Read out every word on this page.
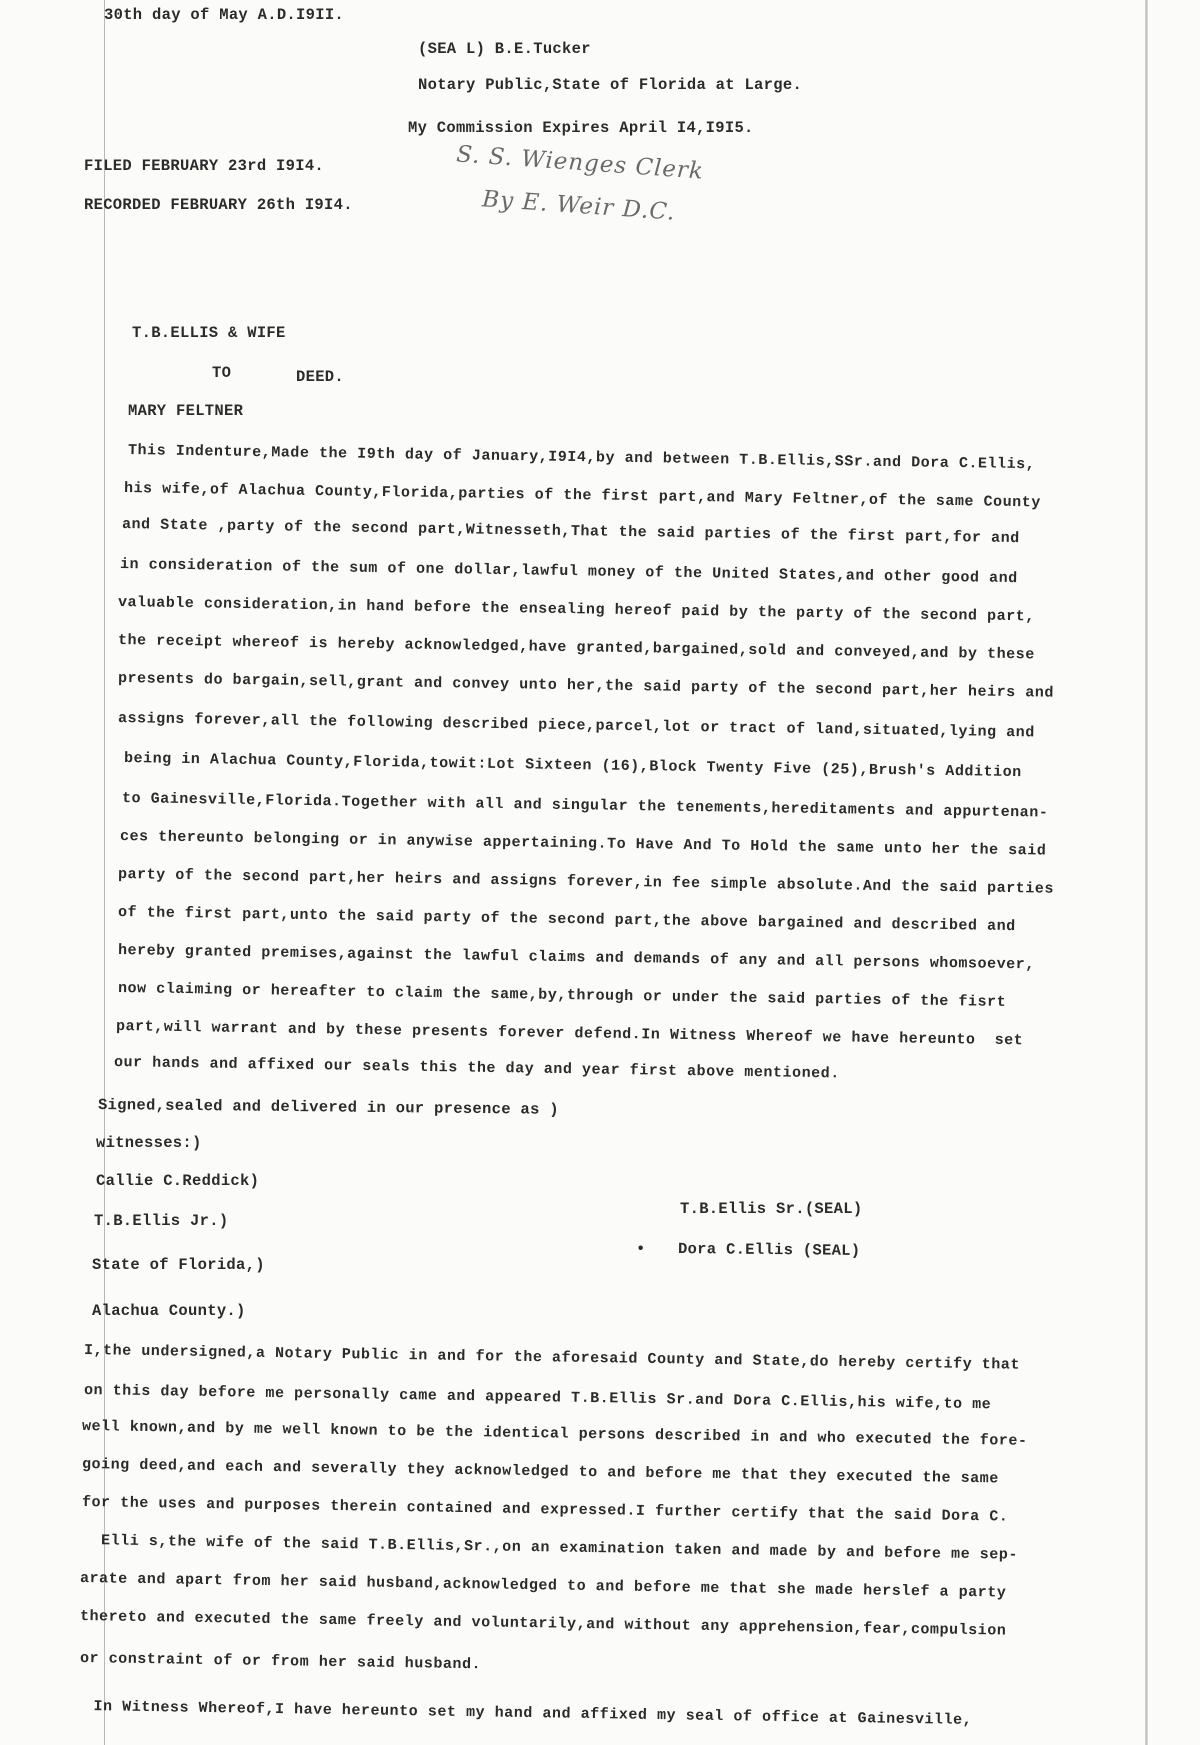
30th day of May A.D.I9II.
(SEA L) B.E.Tucker
Notary Public,State of Florida at Large.
My Commission Expires April I4,I9I5.
FILED FEBRUARY 23rd I9I4.
RECORDED FEBRUARY 26th I9I4.
S. S. Wienges Clerk
By E. Weir D.C.
T.B.ELLIS & WIFE
TO	DEED.
MARY FELTNER
This Indenture,Made the I9th day of January,I9I4,by and between T.B.Ellis,SSr.and Dora C.Ellis,
his wife,of Alachua County,Florida,parties of the first part,and Mary Feltner,of the same County
and State ,party of the second part,Witnesseth,That the said parties of the first part,for and
in consideration of the sum of one dollar,lawful money of the United States,and other good and
valuable consideration,in hand before the ensealing hereof paid by the party of the second part,
the receipt whereof is hereby acknowledged,have granted,bargained,sold and conveyed,and by these
presents do bargain,sell,grant and convey unto her,the said party of the second part,her heirs and
assigns forever,all the following described piece,parcel,lot or tract of land,situated,lying and
being in Alachua County,Florida,towit:Lot Sixteen (16),Block Twenty Five (25),Brush's Addition
to Gainesville,Florida.Together with all and singular the tenements,hereditaments and appurtenan-
ces thereunto belonging or in anywise appertaining.To Have And To Hold the same unto her the said
party of the second part,her heirs and assigns forever,in fee simple absolute.And the said parties
of the first part,unto the said party of the second part,the above bargained and described and
hereby granted premises,against the lawful claims and demands of any and all persons whomsoever,
now claiming or hereafter to claim the same,by,through or under the said parties of the fisrt
part,will warrant and by these presents forever defend.In Witness Whereof we have hereunto  set
our hands and affixed our seals this the day and year first above mentioned.
Signed,sealed and delivered in our presence as )
witnesses:)
Callie C.Reddick)
T.B.Ellis Jr.)
T.B.Ellis Sr.(SEAL)
• Dora C.Ellis (SEAL)
State of Florida,)
Alachua County.)
I,the undersigned,a Notary Public in and for the aforesaid County and State,do hereby certify that
on this day before me personally came and appeared T.B.Ellis Sr.and Dora C.Ellis,his wife,to me
well known,and by me well known to be the identical persons described in and who executed the fore-
going deed,and each and severally they acknowledged to and before me that they executed the same
for the uses and purposes therein contained and expressed.I further certify that the said Dora C.
Elli s,the wife of the said T.B.Ellis,Sr.,on an examination taken and made by and before me sep-
arate and apart from her said husband,acknowledged to and before me that she made herslef a party
thereto and executed the same freely and voluntarily,and without any apprehension,fear,compulsion
or constraint of or from her said husband.
In Witness Whereof,I have hereunto set my hand and affixed my seal of office at Gainesville,
